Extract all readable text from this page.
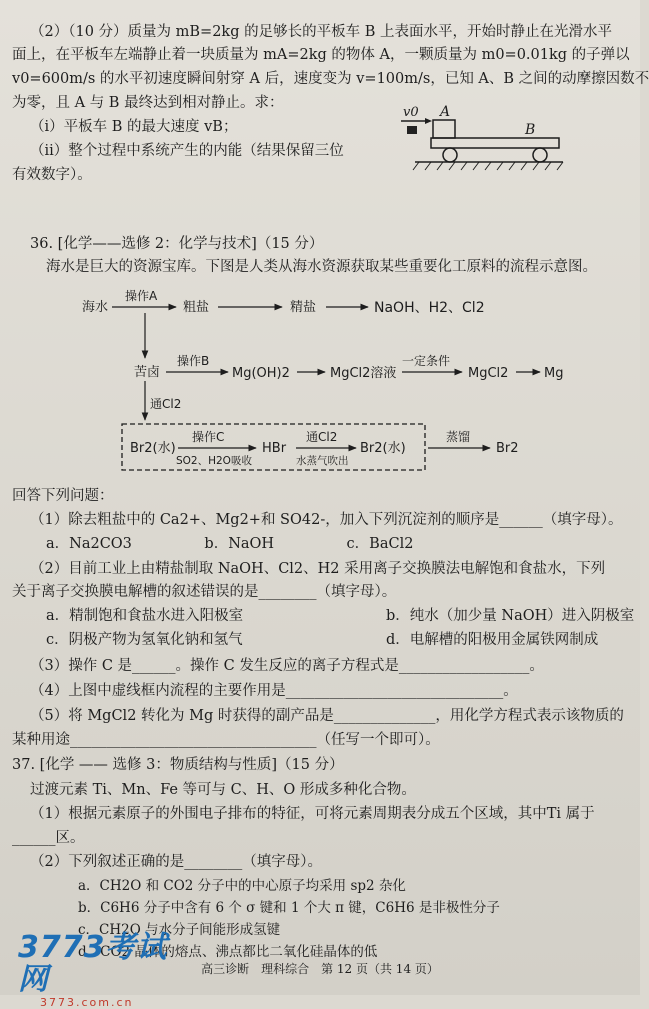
（2）（10 分）质量为 mB=2kg 的足够长的平板车 B 上表面水平，开始时静止在光滑水平
面上，在平板车左端静止着一块质量为 mA=2kg 的物体 A，一颗质量为 m0=0.01kg 的子弹以
v0=600m/s 的水平初速度瞬间射穿 A 后，速度变为 v=100m/s，已知 A、B 之间的动摩擦因数不
为零，且 A 与 B 最终达到相对静止。求：
（ⅰ）平板车 B 的最大速度 vB；
（ⅱ）整个过程中系统产生的内能（结果保留三位
有效数字）。
v0 A
B
36. [化学——选修 2：化学与技术]（15 分）
海水是巨大的资源宝库。下图是人类从海水资源获取某些重要化工原料的流程示意图。
海水
操作A
粗盐	精盐	NaOH、H2、Cl2
苦卤
操作B
Mg(OH)2	MgCl2溶液
一定条件
MgCl2	Mg
通Cl2
Br2(水)
操作C
SO2、H2O吸收
HBr
通Cl2
水蒸气吹出
Br2(水)
蒸馏
Br2
回答下列问题：
（1）除去粗盐中的 Ca2+、Mg2+和 SO42-，加入下列沉淀剂的顺序是______（填字母）。
a．Na2CO3　　　　　b．NaOH　　　　　c．BaCl2
（2）目前工业上由精盐制取 NaOH、Cl2、H2 采用离子交换膜法电解饱和食盐水，下列
关于离子交换膜电解槽的叙述错误的是________（填字母）。
a．精制饱和食盐水进入阳极室	b．纯水（加少量 NaOH）进入阴极室
c．阴极产物为氢氧化钠和氢气	d．电解槽的阳极用金属铁网制成
（3）操作 C 是______。操作 C 发生反应的离子方程式是__________________。
（4）上图中虚线框内流程的主要作用是______________________________。
（5）将 MgCl2 转化为 Mg 时获得的副产品是______________，用化学方程式表示该物质的
某种用途__________________________________（任写一个即可）。
37. [化学 —— 选修 3：物质结构与性质]（15 分）
过渡元素 Ti、Mn、Fe 等可与 C、H、O 形成多种化合物。
（1）根据元素原子的外围电子排布的特征，可将元素周期表分成五个区域，其中Ti 属于
______区。
（2）下列叙述正确的是________（填字母）。
a．CH2O 和 CO2 分子中的中心原子均采用 sp2 杂化
b．C6H6 分子中含有 6 个 σ 键和 1 个大 π 键，C6H6 是非极性分子
c．CH2O 与水分子间能形成氢键
d．CO2 晶体的熔点、沸点都比二氧化硅晶体的低
3773考试网
3773.com.cn
高三诊断　理科综合　第 12 页（共 14 页）
